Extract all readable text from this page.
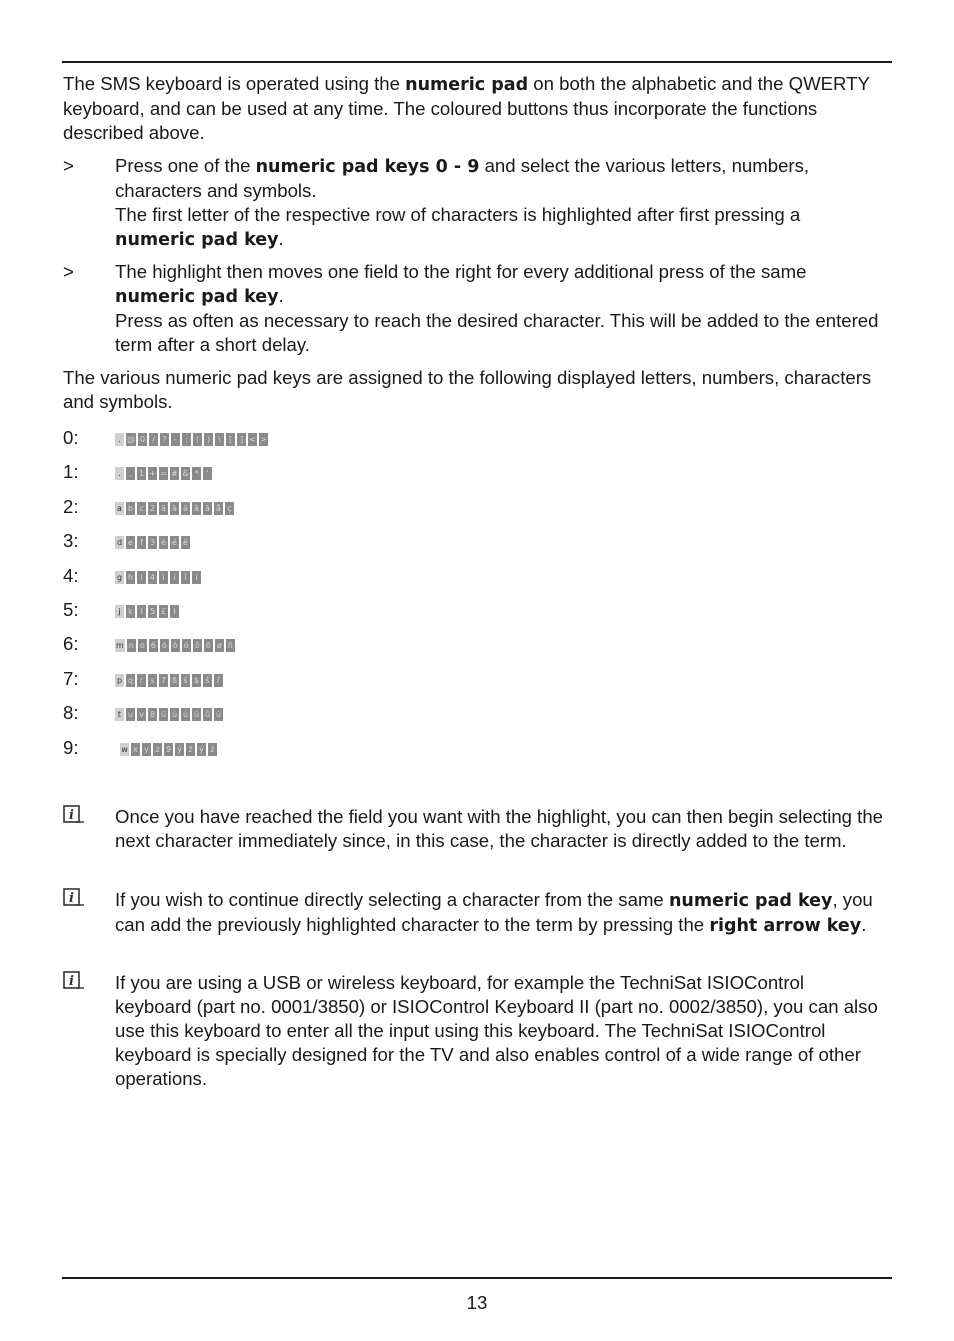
The SMS keyboard is operated using the numeric pad on both the alphabetic and the QWERTY keyboard, and can be used at any time. The coloured buttons thus incorporate the functions described above.
> Press one of the numeric pad keys 0 - 9 and select the various letters, numbers, characters and symbols.
The first letter of the respective row of characters is highlighted after first pressing a numeric pad key.
> The highlight then moves one field to the right for every additional press of the same numeric pad key.
Press as often as necessary to reach the desired character. This will be added to the entered term after a short delay.
The various numeric pad keys are assigned to the following displayed letters, numbers, characters and symbols.
0:	. @ 0 / ? -	:	( )	\	[ ] < >
1:	.	, 1 + = # & * '
2:	a b c 2 ä à á â ã å ç
3:	d e f 3 è é ê
4:	g h i 4 ì	í	î	ï
5:	j k l 5 £ ł
6:	m n o 6 ö ò ó ô õ ø ñ
7:	p q r s 7 ß ś $ š ř
8:	t u v 8 ü ù ú û ů ú
9:	w x y z 9 ý ž ý ź
i Once you have reached the field you want with the highlight, you can then begin selecting the next character immediately since, in this case, the character is directly added to the term.
i If you wish to continue directly selecting a character from the same numeric pad key, you can add the previously highlighted character to the term by pressing the right arrow key.
i If you are using a USB or wireless keyboard, for example the TechniSat ISIOControl keyboard (part no. 0001/3850) or ISIOControl Keyboard II (part no. 0002/3850), you can also use this keyboard to enter all the input using this keyboard. The TechniSat ISIOControl keyboard is specially designed for the TV and also enables control of a wide range of other operations.
13
